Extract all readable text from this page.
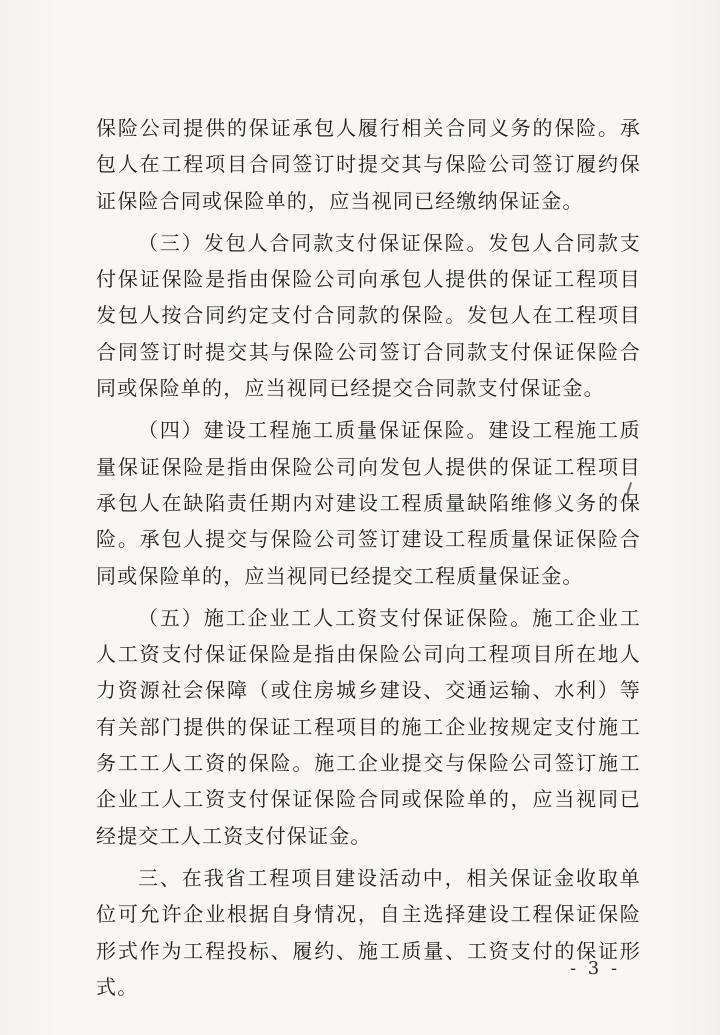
保险公司提供的保证承包人履行相关合同义务的保险。承包人在工程项目合同签订时提交其与保险公司签订履约保证保险合同或保险单的，应当视同已经缴纳保证金。

（三）发包人合同款支付保证保险。发包人合同款支付保证保险是指由保险公司向承包人提供的保证工程项目发包人按合同约定支付合同款的保险。发包人在工程项目合同签订时提交其与保险公司签订合同款支付保证保险合同或保险单的，应当视同已经提交合同款支付保证金。

（四）建设工程施工质量保证保险。建设工程施工质量保证保险是指由保险公司向发包人提供的保证工程项目承包人在缺陷责任期内对建设工程质量缺陷维修义务的保险。承包人提交与保险公司签订建设工程质量保证保险合同或保险单的，应当视同已经提交工程质量保证金。

（五）施工企业工人工资支付保证保险。施工企业工人工资支付保证保险是指由保险公司向工程项目所在地人力资源社会保障（或住房城乡建设、交通运输、水利）等有关部门提供的保证工程项目的施工企业按规定支付施工务工工人工资的保险。施工企业提交与保险公司签订施工企业工人工资支付保证保险合同或保险单的，应当视同已经提交工人工资支付保证金。

三、在我省工程项目建设活动中，相关保证金收取单位可允许企业根据自身情况，自主选择建设工程保证保险形式作为工程投标、履约、施工质量、工资支付的保证形式。

- 3 -
